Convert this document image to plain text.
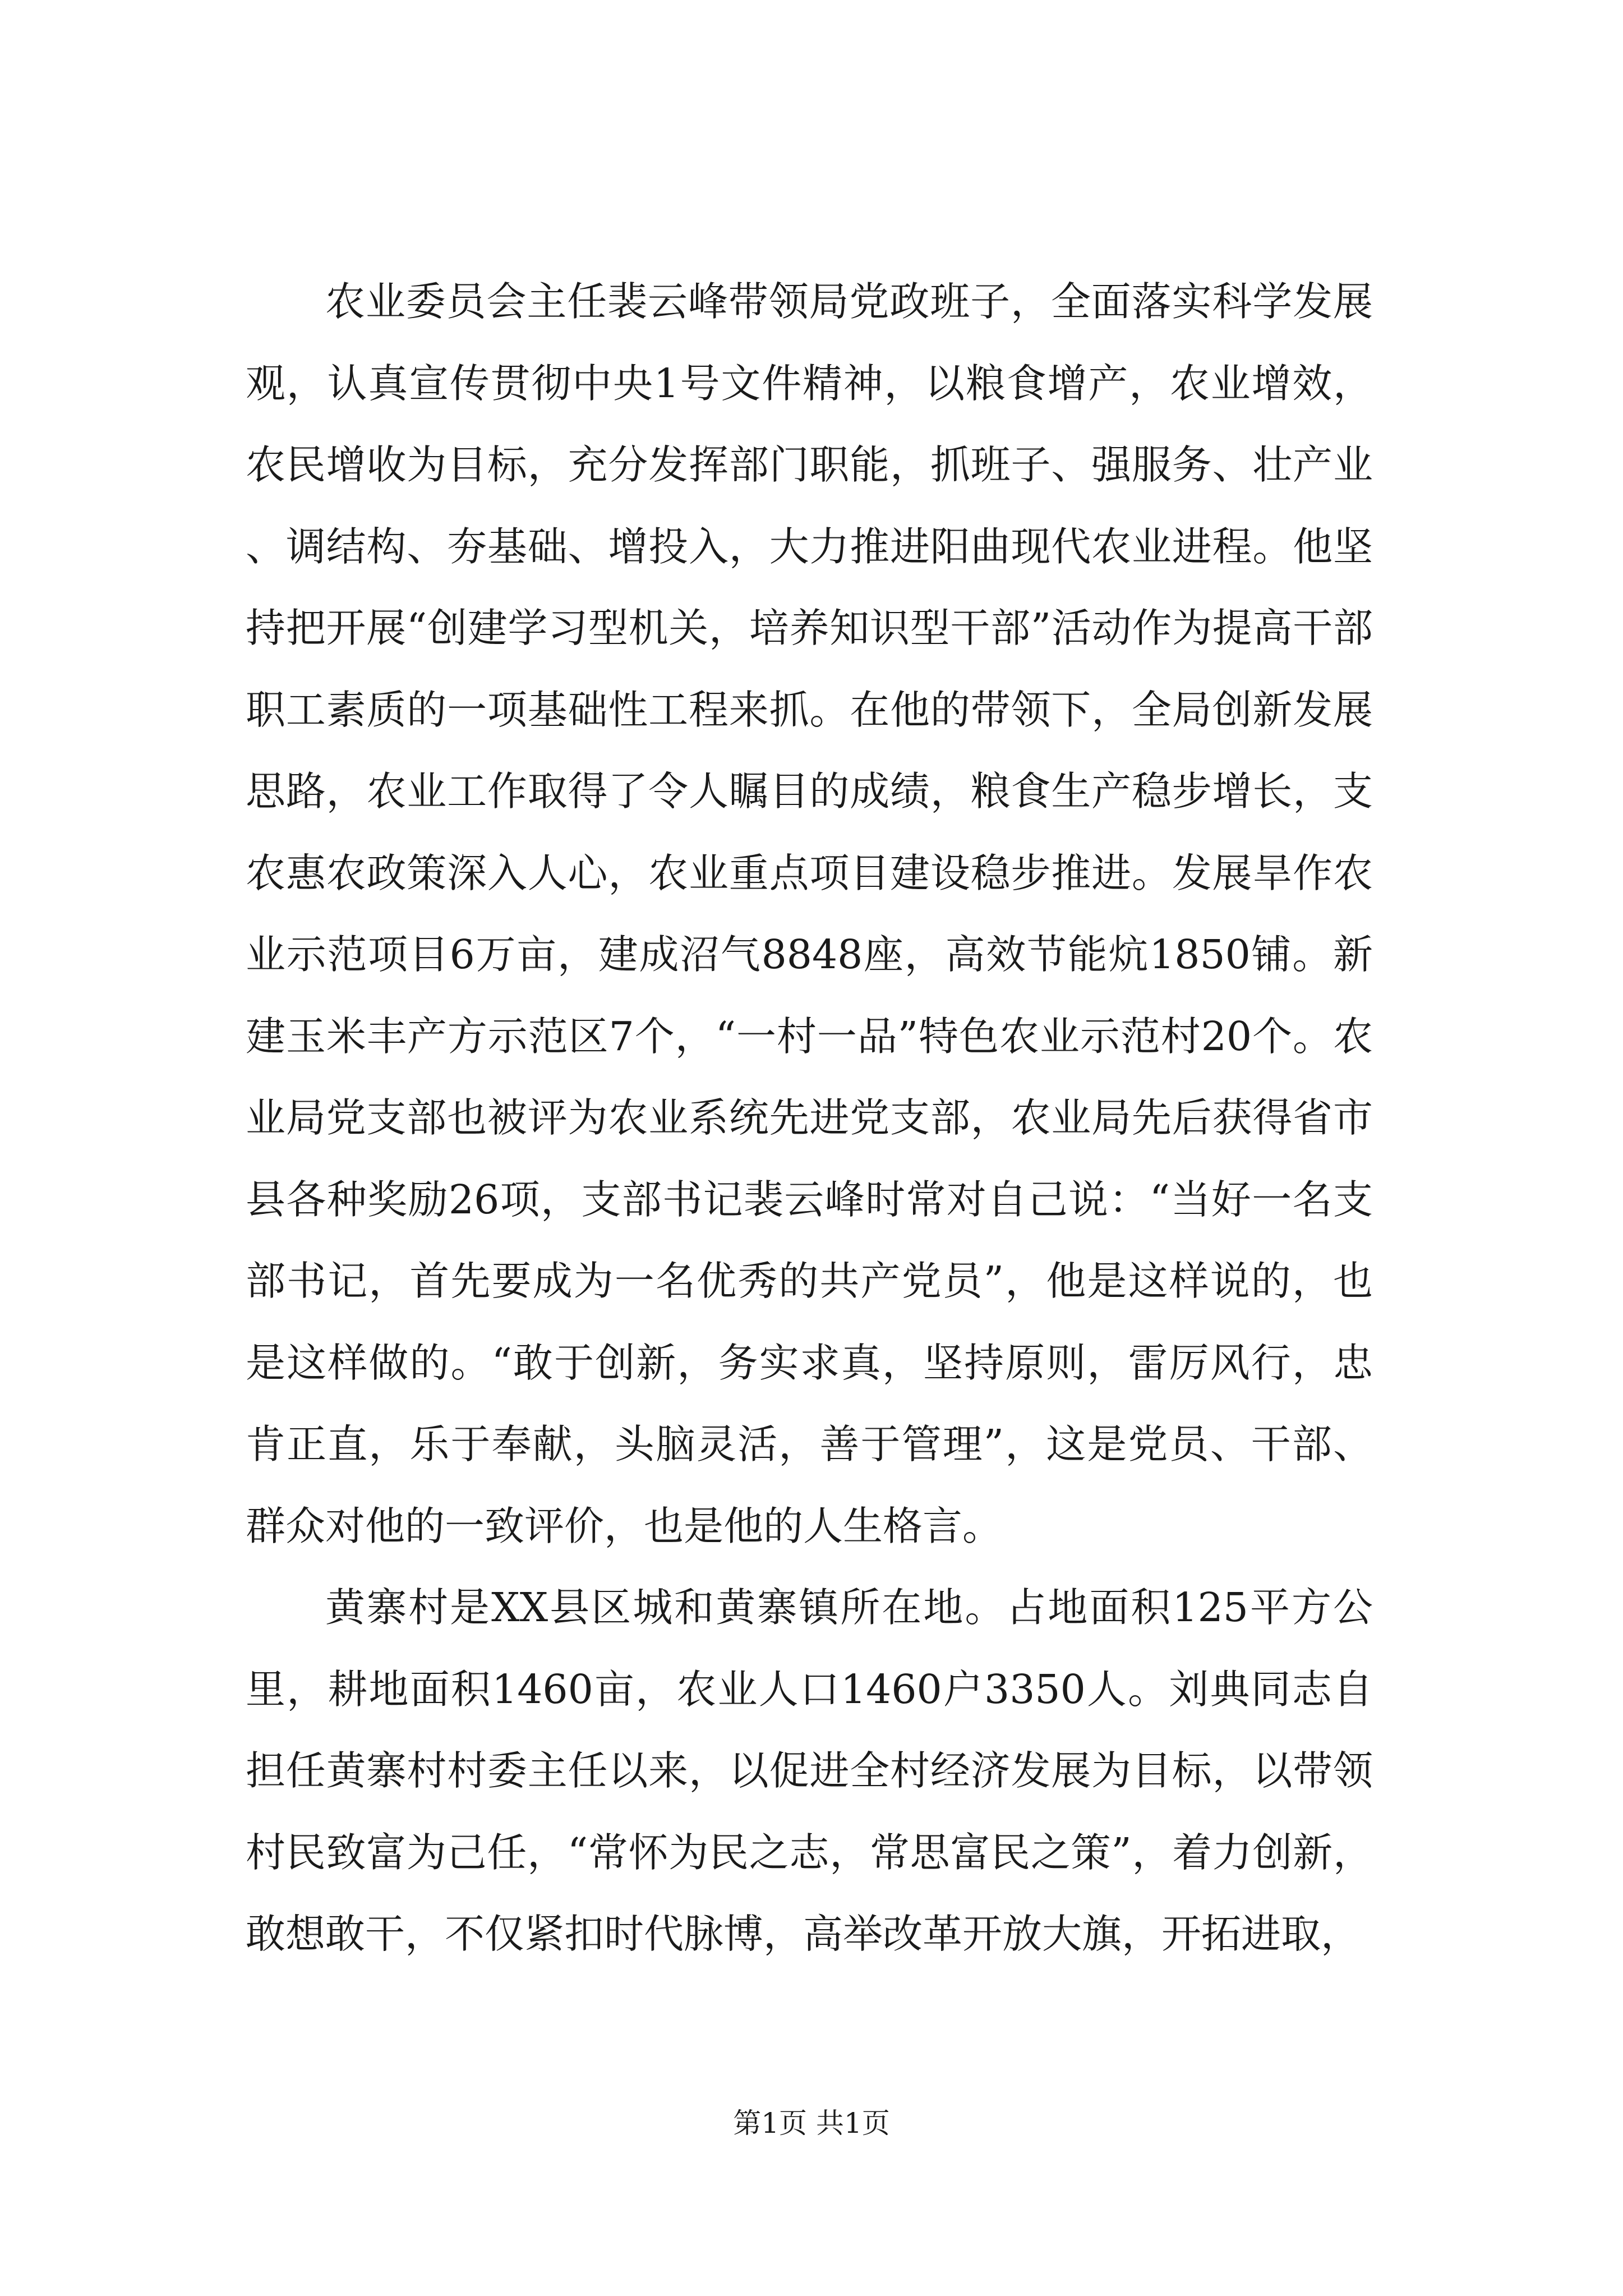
农业委员会主任裴云峰带领局党政班子，全面落实科学发展观，认真宣传贯彻中央1号文件精神，以粮食增产，农业增效，农民增收为目标，充分发挥部门职能，抓班子、强服务、壮产业、调结构、夯基础、增投入，大力推进阳曲现代农业进程。他坚持把开展“创建学习型机关，培养知识型干部”活动作为提高干部职工素质的一项基础性工程来抓。在他的带领下，全局创新发展思路，农业工作取得了令人瞩目的成绩，粮食生产稳步增长，支农惠农政策深入人心，农业重点项目建设稳步推进。发展旱作农业示范项目6万亩，建成沼气8848座，高效节能炕1850铺。新建玉米丰产方示范区7个，“一村一品”特色农业示范村20个。农业局党支部也被评为农业系统先进党支部，农业局先后获得省市县各种奖励26项，支部书记裴云峰时常对自己说：“当好一名支部书记，首先要成为一名优秀的共产党员”，他是这样说的，也是这样做的。“敢于创新，务实求真，坚持原则，雷厉风行，忠肯正直，乐于奉献，头脑灵活，善于管理”，这是党员、干部、群众对他的一致评价，也是他的人生格言。

黄寨村是XX县区城和黄寨镇所在地。占地面积125平方公里，耕地面积1460亩，农业人口1460户3350人。刘典同志自担任黄寨村村委主任以来，以促进全村经济发展为目标，以带领村民致富为己任，“常怀为民之志，常思富民之策”，着力创新，敢想敢干，不仅紧扣时代脉博，高举改革开放大旗，开拓进取，

第1页 共1页
